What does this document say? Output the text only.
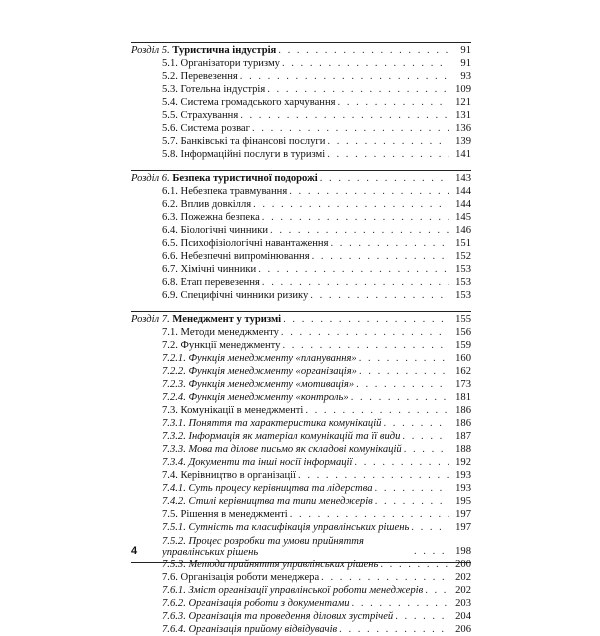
Розділ 5. Туристична індустрія . . .	91
5.1. Організатори туризму . . .	91
5.2. Перевезення . . .	93
5.3. Готельна індустрія . . .	109
5.4. Система громадського харчування . . .	121
5.5. Страхування . . .	131
5.6. Система розваг . . .	136
5.7. Банківські та фінансові послуги . . .	139
5.8. Інформаційні послуги в туризмі . . .	141
Розділ 6. Безпека туристичної подорожі . . .	143
6.1. Небезпека травмування . . .	144
6.2. Вплив довкілля . . .	144
6.3. Пожежна безпека . . .	145
6.4. Біологічні чинники . . .	146
6.5. Психофізіологічні навантаження . . .	151
6.6. Небезпечні випромінювання . . .	152
6.7. Хімічні чинники . . .	153
6.8. Етап перевезення . . .	153
6.9. Специфічні чинники ризику . . .	153
Розділ 7. Менеджмент у туризмі . . .	155
7.1. Методи менеджменту . . .	156
7.2. Функції менеджменту . . .	159
7.2.1. Функція менеджменту «планування» . . .	160
7.2.2. Функція менеджменту «організація» . . .	162
7.2.3. Функція менеджменту «мотивація» . . .	173
7.2.4. Функція менеджменту «контроль» . . .	181
7.3. Комунікації в менеджменті . . .	186
7.3.1. Поняття та характеристика комунікацій . . .	186
7.3.2. Інформація як матеріал комунікацій та її види . . .	187
7.3.3. Мова та ділове письмо як складові комунікацій . . .	188
7.3.4. Документи та інші носії інформації . . .	192
7.4. Керівництво в організації . . .	193
7.4.1. Суть процесу керівництва та лідерства . . .	193
7.4.2. Стилі керівництва та типи менеджерів . . .	195
7.5. Рішення в менеджменті . . .	197
7.5.1. Сутність та класифікація управлінських рішень . . .	197
7.5.2. Процес розробки та умови прийняття управлінських рішень . . .	198
7.5.3. Методи прийняття управлінських рішень . . .	200
7.6. Організація роботи менеджера . . .	202
7.6.1. Зміст організації управлінської роботи менеджерів . . .	202
7.6.2. Організація роботи з документами . . .	203
7.6.3. Організація та проведення ділових зустрічей . . .	204
7.6.4. Організація прийому відвідувачів . . .	206
4
